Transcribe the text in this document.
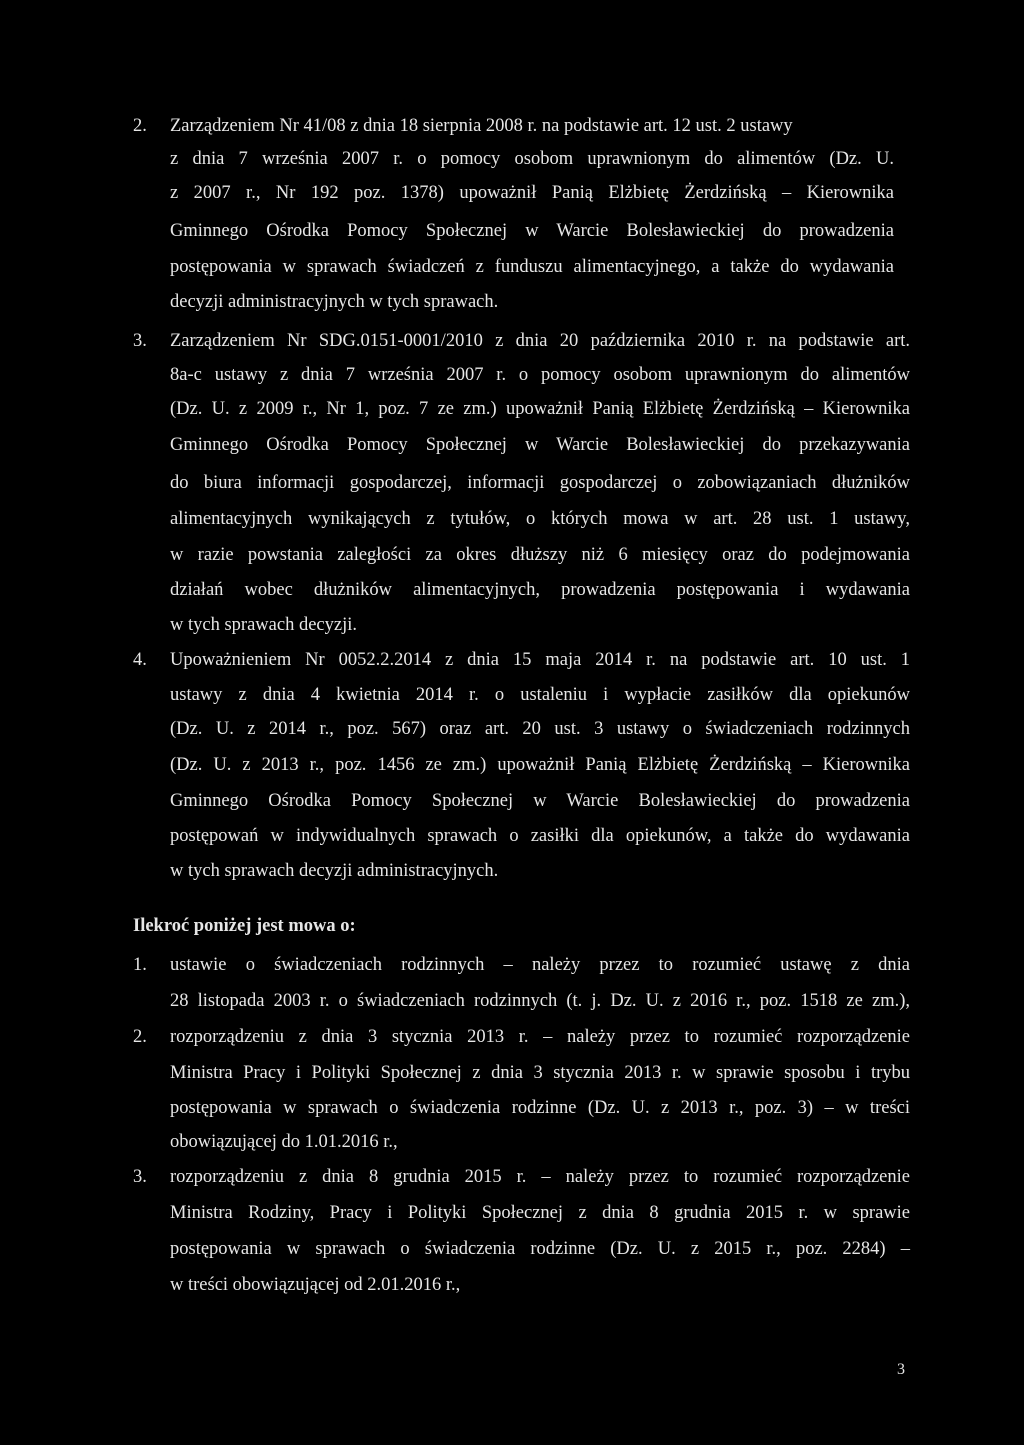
2. Zarządzeniem Nr 41/08 z dnia 18 sierpnia 2008 r. na podstawie art. 12 ust. 2 ustawy
z dnia 7 września 2007 r. o pomocy osobom uprawnionym do alimentów (Dz. U.
z 2007 r., Nr 192 poz. 1378) upoważnił Panią Elżbietę Żerdzińską – Kierownika
Gminnego Ośrodka Pomocy Społecznej w Warcie Bolesławieckiej do prowadzenia
postępowania w sprawach świadczeń z funduszu alimentacyjnego, a także do wydawania
decyzji administracyjnych w tych sprawach.
3. Zarządzeniem Nr SDG.0151-0001/2010 z dnia 20 października 2010 r. na podstawie art.
8a-c ustawy z dnia 7 września 2007 r. o pomocy osobom uprawnionym do alimentów
(Dz. U. z 2009 r., Nr 1, poz. 7 ze zm.) upoważnił Panią Elżbietę Żerdzińską – Kierownika
Gminnego Ośrodka Pomocy Społecznej w Warcie Bolesławieckiej do przekazywania
do biura informacji gospodarczej, informacji gospodarczej o zobowiązaniach dłużników
alimentacyjnych wynikających z tytułów, o których mowa w art. 28 ust. 1 ustawy,
w razie powstania zaległości za okres dłuższy niż 6 miesięcy oraz do podejmowania
działań wobec dłużników alimentacyjnych, prowadzenia postępowania i wydawania
w tych sprawach decyzji.
4. Upoważnieniem Nr 0052.2.2014 z dnia 15 maja 2014 r. na podstawie art. 10 ust. 1
ustawy z dnia 4 kwietnia 2014 r. o ustaleniu i wypłacie zasiłków dla opiekunów
(Dz. U. z 2014 r., poz. 567) oraz art. 20 ust. 3 ustawy o świadczeniach rodzinnych
(Dz. U. z 2013 r., poz. 1456 ze zm.) upoważnił Panią Elżbietę Żerdzińską – Kierownika
Gminnego Ośrodka Pomocy Społecznej w Warcie Bolesławieckiej do prowadzenia
postępowań w indywidualnych sprawach o zasiłki dla opiekunów, a także do wydawania
w tych sprawach decyzji administracyjnych.
Ilekroć poniżej jest mowa o:
1. ustawie o świadczeniach rodzinnych – należy przez to rozumieć ustawę z dnia
28 listopada 2003 r. o świadczeniach rodzinnych (t. j. Dz. U. z 2016 r., poz. 1518 ze zm.),
2. rozporządzeniu z dnia 3 stycznia 2013 r. – należy przez to rozumieć rozporządzenie
Ministra Pracy i Polityki Społecznej z dnia 3 stycznia 2013 r. w sprawie sposobu i trybu
postępowania w sprawach o świadczenia rodzinne (Dz. U. z 2013 r., poz. 3) – w treści
obowiązującej do 1.01.2016 r.,
3. rozporządzeniu z dnia 8 grudnia 2015 r. – należy przez to rozumieć rozporządzenie
Ministra Rodziny, Pracy i Polityki Społecznej z dnia 8 grudnia 2015 r. w sprawie
postępowania w sprawach o świadczenia rodzinne (Dz. U. z 2015 r., poz. 2284) –
w treści obowiązującej od 2.01.2016 r.,
3
